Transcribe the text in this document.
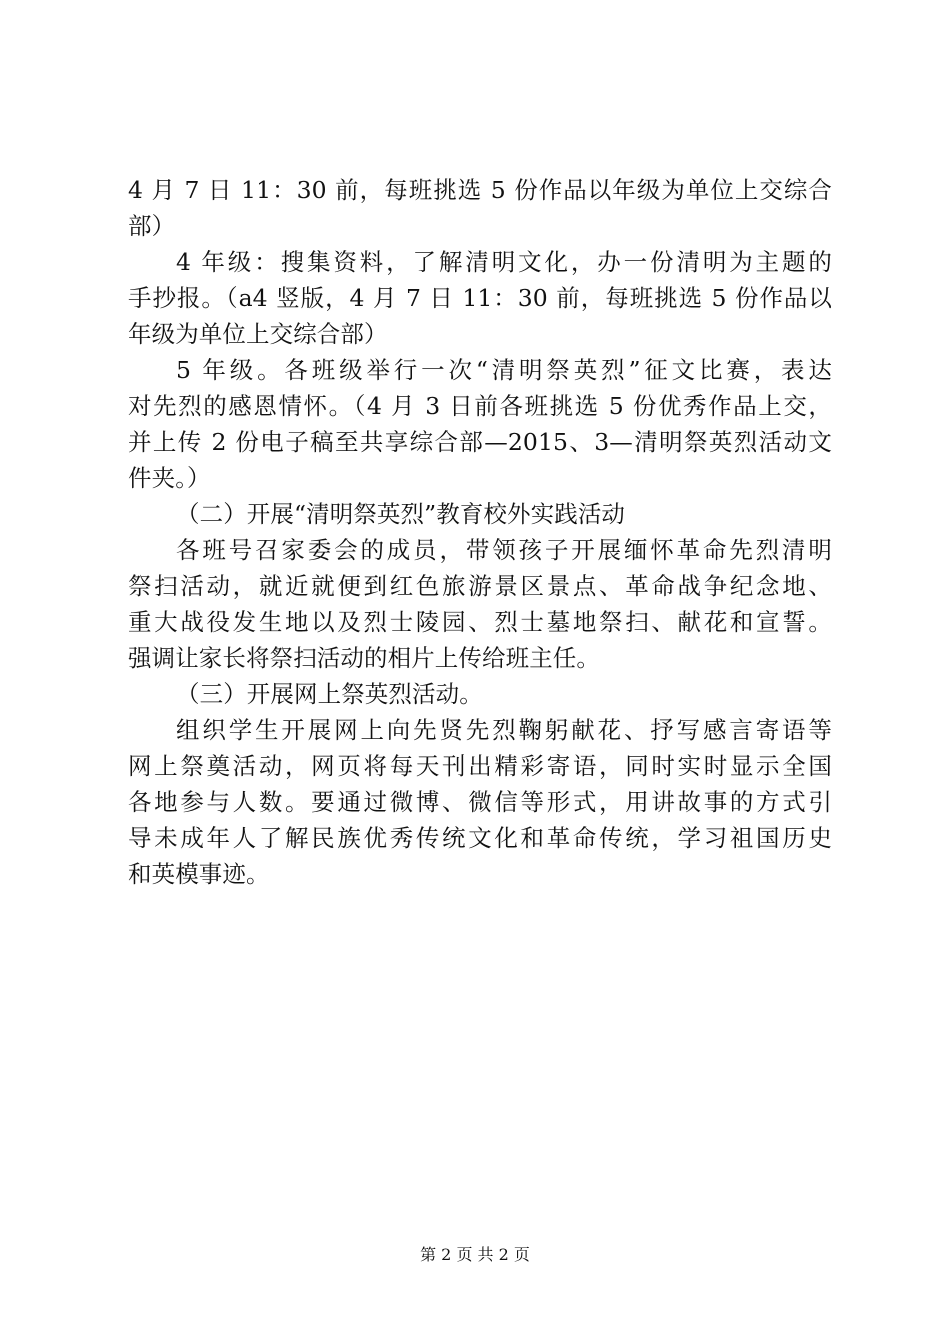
4 月 7 日 11：30 前，每班挑选 5 份作品以年级为单位上交综合
部）
4 年级：搜集资料，了解清明文化，办一份清明为主题的
手抄报。（a4 竖版，4 月 7 日 11：30 前，每班挑选 5 份作品以
年级为单位上交综合部）
5 年级。各班级举行一次“清明祭英烈”征文比赛，表达
对先烈的感恩情怀。（4 月 3 日前各班挑选 5 份优秀作品上交，
并上传 2 份电子稿至共享综合部—2015、3—清明祭英烈活动文
件夹。）
（二）开展“清明祭英烈”教育校外实践活动
各班号召家委会的成员，带领孩子开展缅怀革命先烈清明
祭扫活动，就近就便到红色旅游景区景点、革命战争纪念地、
重大战役发生地以及烈士陵园、烈士墓地祭扫、献花和宣誓。
强调让家长将祭扫活动的相片上传给班主任。
（三）开展网上祭英烈活动。
组织学生开展网上向先贤先烈鞠躬献花、抒写感言寄语等
网上祭奠活动，网页将每天刊出精彩寄语，同时实时显示全国
各地参与人数。要通过微博、微信等形式，用讲故事的方式引
导未成年人了解民族优秀传统文化和革命传统，学习祖国历史
和英模事迹。
第 2 页 共 2 页
